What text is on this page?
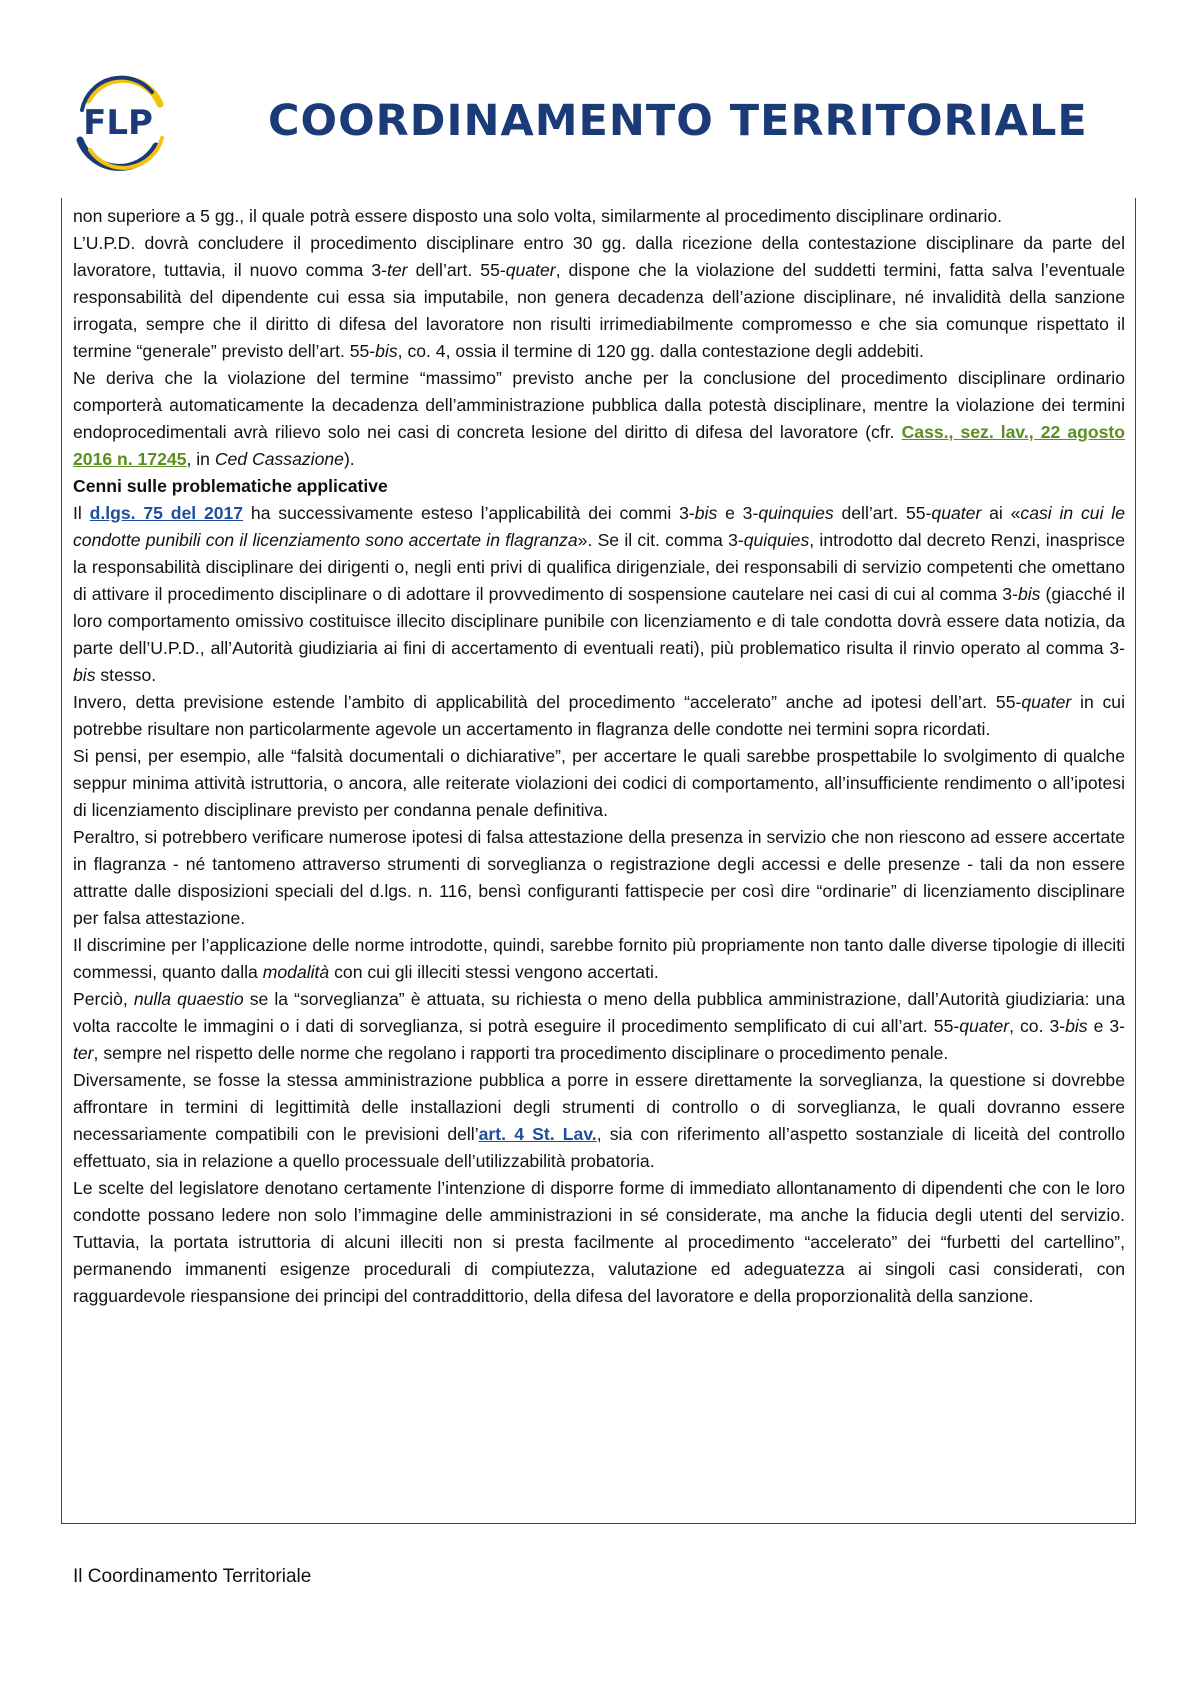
FLP	COORDINAMENTO TERRITORIALE

non superiore a 5 gg., il quale potrà essere disposto una solo volta, similarmente al procedimento disciplinare ordinario.

L’U.P.D. dovrà concludere il procedimento disciplinare entro 30 gg. dalla ricezione della contestazione disciplinare da parte del lavoratore, tuttavia, il nuovo comma 3-ter dell’art. 55-quater, dispone che la violazione del suddetti termini, fatta salva l’eventuale responsabilità del dipendente cui essa sia imputabile, non genera decadenza dell’azione disciplinare, né invalidità della sanzione irrogata, sempre che il diritto di difesa del lavoratore non risulti irrimediabilmente compromesso e che sia comunque rispettato il termine “generale” previsto dell’art. 55-bis, co. 4, ossia il termine di 120 gg. dalla contestazione degli addebiti.

Ne deriva che la violazione del termine “massimo” previsto anche per la conclusione del procedimento disciplinare ordinario comporterà automaticamente la decadenza dell’amministrazione pubblica dalla potestà disciplinare, mentre la violazione dei termini endoprocedimentali avrà rilievo solo nei casi di concreta lesione del diritto di difesa del lavoratore (cfr. Cass., sez. lav., 22 agosto 2016 n. 17245, in Ced Cassazione).

Cenni sulle problematiche applicative

Il d.lgs. 75 del 2017 ha successivamente esteso l’applicabilità dei commi 3-bis e 3-quinquies dell’art. 55-quater ai «casi in cui le condotte punibili con il licenziamento sono accertate in flagranza». Se il cit. comma 3-quiquies, introdotto dal decreto Renzi, inasprisce la responsabilità disciplinare dei dirigenti o, negli enti privi di qualifica dirigenziale, dei responsabili di servizio competenti che omettano di attivare il procedimento disciplinare o di adottare il provvedimento di sospensione cautelare nei casi di cui al comma 3-bis (giacché il loro comportamento omissivo costituisce illecito disciplinare punibile con licenziamento e di tale condotta dovrà essere data notizia, da parte dell’U.P.D., all’Autorità giudiziaria ai fini di accertamento di eventuali reati), più problematico risulta il rinvio operato al comma 3-bis stesso.

Invero, detta previsione estende l’ambito di applicabilità del procedimento “accelerato” anche ad ipotesi dell’art. 55-quater in cui potrebbe risultare non particolarmente agevole un accertamento in flagranza delle condotte nei termini sopra ricordati.

Si pensi, per esempio, alle “falsità documentali o dichiarative”, per accertare le quali sarebbe prospettabile lo svolgimento di qualche seppur minima attività istruttoria, o ancora, alle reiterate violazioni dei codici di comportamento, all’insufficiente rendimento o all’ipotesi di licenziamento disciplinare previsto per condanna penale definitiva.

Peraltro, si potrebbero verificare numerose ipotesi di falsa attestazione della presenza in servizio che non riescono ad essere accertate in flagranza - né tantomeno attraverso strumenti di sorveglianza o registrazione degli accessi e delle presenze - tali da non essere attratte dalle disposizioni speciali del d.lgs. n. 116, bensì configuranti fattispecie per così dire “ordinarie” di licenziamento disciplinare per falsa attestazione.

Il discrimine per l’applicazione delle norme introdotte, quindi, sarebbe fornito più propriamente non tanto dalle diverse tipologie di illeciti commessi, quanto dalla modalità con cui gli illeciti stessi vengono accertati.

Perciò, nulla quaestio se la “sorveglianza” è attuata, su richiesta o meno della pubblica amministrazione, dall’Autorità giudiziaria: una volta raccolte le immagini o i dati di sorveglianza, si potrà eseguire il procedimento semplificato di cui all’art. 55-quater, co. 3-bis e 3-ter, sempre nel rispetto delle norme che regolano i rapporti tra procedimento disciplinare o procedimento penale.

Diversamente, se fosse la stessa amministrazione pubblica a porre in essere direttamente la sorveglianza, la questione si dovrebbe affrontare in termini di legittimità delle installazioni degli strumenti di controllo o di sorveglianza, le quali dovranno essere necessariamente compatibili con le previsioni dell’art. 4 St. Lav., sia con riferimento all’aspetto sostanziale di liceità del controllo effettuato, sia in relazione a quello processuale dell’utilizzabilità probatoria.

Le scelte del legislatore denotano certamente l’intenzione di disporre forme di immediato allontanamento di dipendenti che con le loro condotte possano ledere non solo l’immagine delle amministrazioni in sé considerate, ma anche la fiducia degli utenti del servizio. Tuttavia, la portata istruttoria di alcuni illeciti non si presta facilmente al procedimento “accelerato” dei “furbetti del cartellino”, permanendo immanenti esigenze procedurali di compiutezza, valutazione ed adeguatezza ai singoli casi considerati, con ragguardevole riespansione dei principi del contraddittorio, della difesa del lavoratore e della proporzionalità della sanzione.

Il Coordinamento Territoriale
